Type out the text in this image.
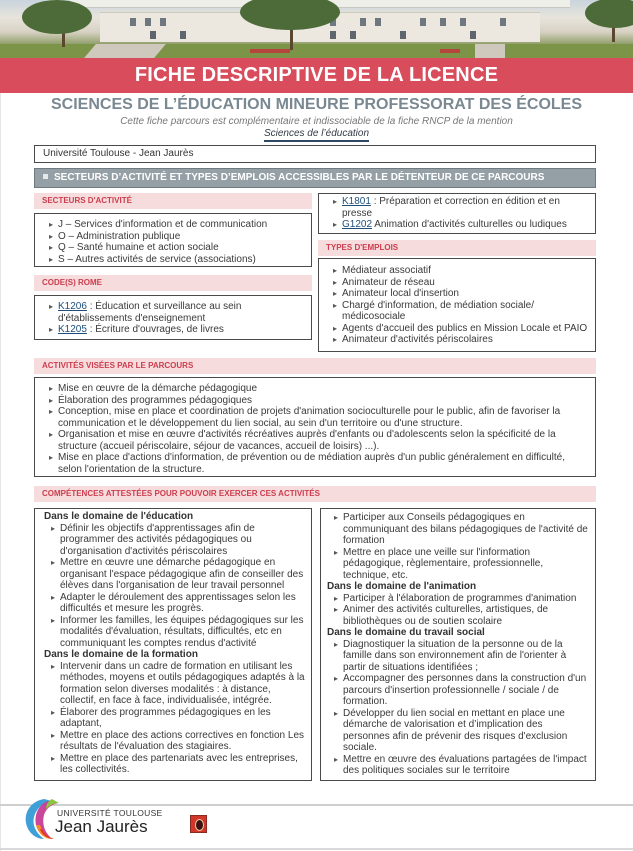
FICHE DESCRIPTIVE DE LA LICENCE
SCIENCES DE L’ÉDUCATION MINEURE PROFESSORAT DES ÉCOLES
Cette fiche parcours est complémentaire et indissociable de la fiche RNCP de la mention
Sciences de l’éducation
Université Toulouse - Jean Jaurès
SECTEURS D’ACTIVITÉ ET TYPES D’EMPLOIS ACCESSIBLES PAR LE DÉTENTEUR DE CE PARCOURS
SECTEURS D'ACTIVITÉ
▸ J – Services d'information et de communication
▸ O – Administration publique
▸ Q – Santé humaine et action sociale
▸ S – Autres activités de service (associations)
CODE(S) ROME
▸ K1206 : Éducation et surveillance au sein d'établissements d'enseignement
▸ K1205 : Écriture d'ouvrages, de livres
▸ K1801 : Préparation et correction en édition et en presse
▸ G1202 Animation d'activités culturelles ou ludiques
TYPES D'EMPLOIS
▸ Médiateur associatif
▸ Animateur de réseau
▸ Animateur local d'insertion
▸ Chargé d'information, de médiation sociale/ médicosociale
▸ Agents d'accueil des publics en Mission Locale et PAIO
▸ Animateur d'activités périscolaires
ACTIVITÉS VISÉES PAR LE PARCOURS
▸ Mise en œuvre de la démarche pédagogique
▸ Élaboration des programmes pédagogiques
▸ Conception, mise en place et coordination de projets d'animation socioculturelle pour le public, afin de favoriser la communication et le développement du lien social, au sein d'un territoire ou d'une structure.
▸ Organisation et mise en œuvre d'activités récréatives auprès d'enfants ou d'adolescents selon la spécificité de la structure (accueil périscolaire, séjour de vacances, accueil de loisirs) ...).
▸ Mise en place d'actions d'information, de prévention ou de médiation auprès d'un public généralement en difficulté, selon l'orientation de la structure.
COMPÉTENCES ATTESTÉES POUR POUVOIR EXERCER CES ACTIVITÉS
Dans le domaine de l'éducation
▸ Définir les objectifs d'apprentissages afin de programmer des activités pédagogiques ou d'organisation d'activités périscolaires
▸ Mettre en œuvre une démarche pédagogique en organisant l'espace pédagogique afin de conseiller des élèves dans l'organisation de leur travail personnel
▸ Adapter le déroulement des apprentissages selon les difficultés et mesure les progrès.
▸ Informer les familles, les équipes pédagogiques sur les modalités d'évaluation, résultats, difficultés, etc en communiquant les comptes rendus d'activité
Dans le domaine de la formation
▸ Intervenir dans un cadre de formation en utilisant les méthodes, moyens et outils pédagogiques adaptés à la formation selon diverses modalités : à distance, collectif, en face à face, individualisée, intégrée.
▸ Élaborer des programmes pédagogiques en les adaptant,
▸ Mettre en place des actions correctives en fonction Les résultats de l'évaluation des stagiaires.
▸ Mettre en place des partenariats avec les entreprises, les collectivités.
▸ Participer aux Conseils pédagogiques en communiquant des bilans pédagogiques de l'activité de formation
▸ Mettre en place une veille sur l'information pédagogique, règlementaire, professionnelle, technique, etc.
Dans le domaine de l'animation
▸ Participer à l'élaboration de programmes d'animation
▸ Animer des activités culturelles, artistiques, de bibliothèques ou de soutien scolaire
Dans le domaine du travail social
▸ Diagnostiquer la situation de la personne ou de la famille dans son environnement afin de l'orienter à partir de situations identifiées ;
▸ Accompagner des personnes dans la construction d'un parcours d'insertion professionnelle / sociale / de formation.
▸ Développer du lien social en mettant en place une démarche de valorisation et d’implication des personnes afin de prévenir des risques d'exclusion sociale.
▸ Mettre en œuvre des évaluations partagées de l'impact des politiques sociales sur le territoire
UNIVERSITÉ TOULOUSE
Jean Jaurès
